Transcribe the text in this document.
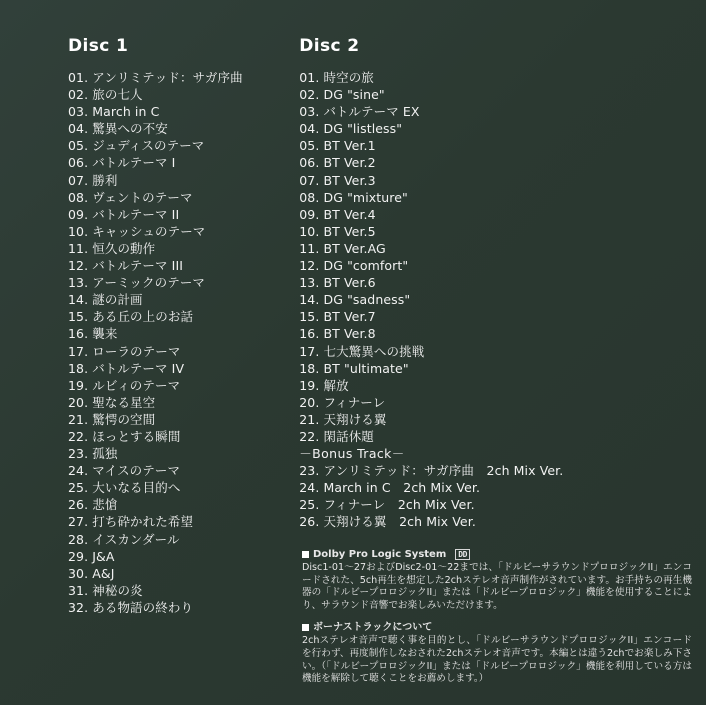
Disc 1
01. アンリミテッド：サガ序曲
02. 旅の七人
03. March in C
04. 驚異への不安
05. ジュディスのテーマ
06. バトルテーマ I
07. 勝利
08. ヴェントのテーマ
09. バトルテーマ II
10. キャッシュのテーマ
11. 恒久の動作
12. バトルテーマ III
13. アーミックのテーマ
14. 謎の計画
15. ある丘の上のお話
16. 襲来
17. ローラのテーマ
18. バトルテーマ IV
19. ルビィのテーマ
20. 聖なる星空
21. 驚愕の空間
22. ほっとする瞬間
23. 孤独
24. マイスのテーマ
25. 大いなる目的へ
26. 悲愴
27. 打ち砕かれた希望
28. イスカンダール
29. J&A
30. A&J
31. 神秘の炎
32. ある物語の終わり
Disc 2
01. 時空の旅
02. DG "sine"
03. バトルテーマ EX
04. DG "listless"
05. BT Ver.1
06. BT Ver.2
07. BT Ver.3
08. DG "mixture"
09. BT Ver.4
10. BT Ver.5
11. BT Ver.AG
12. DG "comfort"
13. BT Ver.6
14. DG "sadness"
15. BT Ver.7
16. BT Ver.8
17. 七大驚異への挑戦
18. BT "ultimate"
19. 解放
20. フィナーレ
21. 天翔ける翼
22. 閑話休題
－Bonus Track－
23. アンリミテッド：サガ序曲　2ch Mix Ver.
24. March in C　2ch Mix Ver.
25. フィナーレ　2ch Mix Ver.
26. 天翔ける翼　2ch Mix Ver.
Dolby Pro Logic System	DD
Disc1-01～27およびDisc2-01～22までは、「ドルビーサラウンドプロロジックII」エンコードされた、5ch再生を想定した2chステレオ音声制作がされています。お手持ちの再生機器の「ドルビープロロジックII」または「ドルビープロロジック」機能を使用することにより、サラウンド音響でお楽しみいただけます。
ボーナストラックについて
2chステレオ音声で聴く事を目的とし、「ドルビーサラウンドプロロジックII」エンコードを行わず、再度制作しなおされた2chステレオ音声です。本編とは違う2chでお楽しみ下さい。（「ドルビープロロジックII」または「ドルビープロロジック」機能を利用している方は機能を解除して聴くことをお薦めします。）
